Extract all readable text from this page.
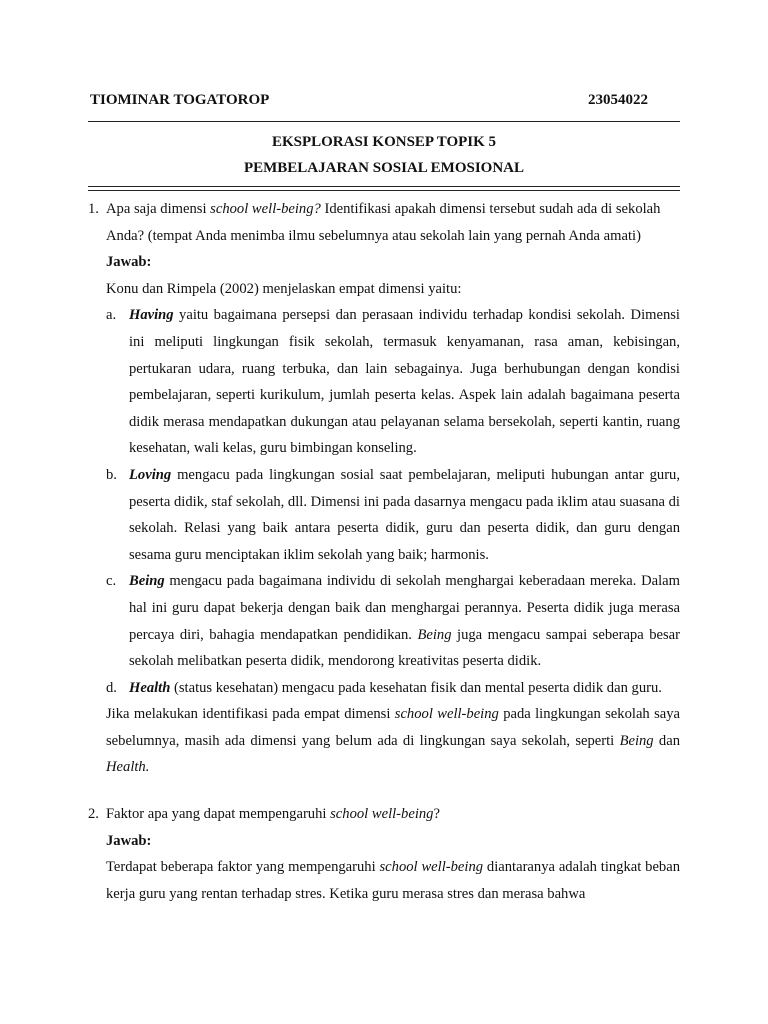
TIOMINAR TOGATOROP	23054022
EKSPLORASI KONSEP TOPIK 5
PEMBELAJARAN SOSIAL EMOSIONAL

1. Apa saja dimensi school well-being? Identifikasi apakah dimensi tersebut sudah ada di sekolah Anda? (tempat Anda menimba ilmu sebelumnya atau sekolah lain yang pernah Anda amati)

Jawab:

Konu dan Rimpela (2002) menjelaskan empat dimensi yaitu:

a. Having yaitu bagaimana persepsi dan perasaan individu terhadap kondisi sekolah. Dimensi ini meliputi lingkungan fisik sekolah, termasuk kenyamanan, rasa aman, kebisingan, pertukaran udara, ruang terbuka, dan lain sebagainya. Juga berhubungan dengan kondisi pembelajaran, seperti kurikulum, jumlah peserta kelas. Aspek lain adalah bagaimana peserta didik merasa mendapatkan dukungan atau pelayanan selama bersekolah, seperti kantin, ruang kesehatan, wali kelas, guru bimbingan konseling.

b. Loving mengacu pada lingkungan sosial saat pembelajaran, meliputi hubungan antar guru, peserta didik, staf sekolah, dll. Dimensi ini pada dasarnya mengacu pada iklim atau suasana di sekolah. Relasi yang baik antara peserta didik, guru dan peserta didik, dan guru dengan sesama guru menciptakan iklim sekolah yang baik; harmonis.

c. Being mengacu pada bagaimana individu di sekolah menghargai keberadaan mereka. Dalam hal ini guru dapat bekerja dengan baik dan menghargai perannya. Peserta didik juga merasa percaya diri, bahagia mendapatkan pendidikan. Being juga mengacu sampai seberapa besar sekolah melibatkan peserta didik, mendorong kreativitas peserta didik.

d. Health (status kesehatan) mengacu pada kesehatan fisik dan mental peserta didik dan guru.

Jika melakukan identifikasi pada empat dimensi school well-being pada lingkungan sekolah saya sebelumnya, masih ada dimensi yang belum ada di lingkungan saya sekolah, seperti Being dan Health.

2. Faktor apa yang dapat mempengaruhi school well-being?

Jawab:

Terdapat beberapa faktor yang mempengaruhi school well-being diantaranya adalah tingkat beban kerja guru yang rentan terhadap stres. Ketika guru merasa stres dan merasa bahwa
